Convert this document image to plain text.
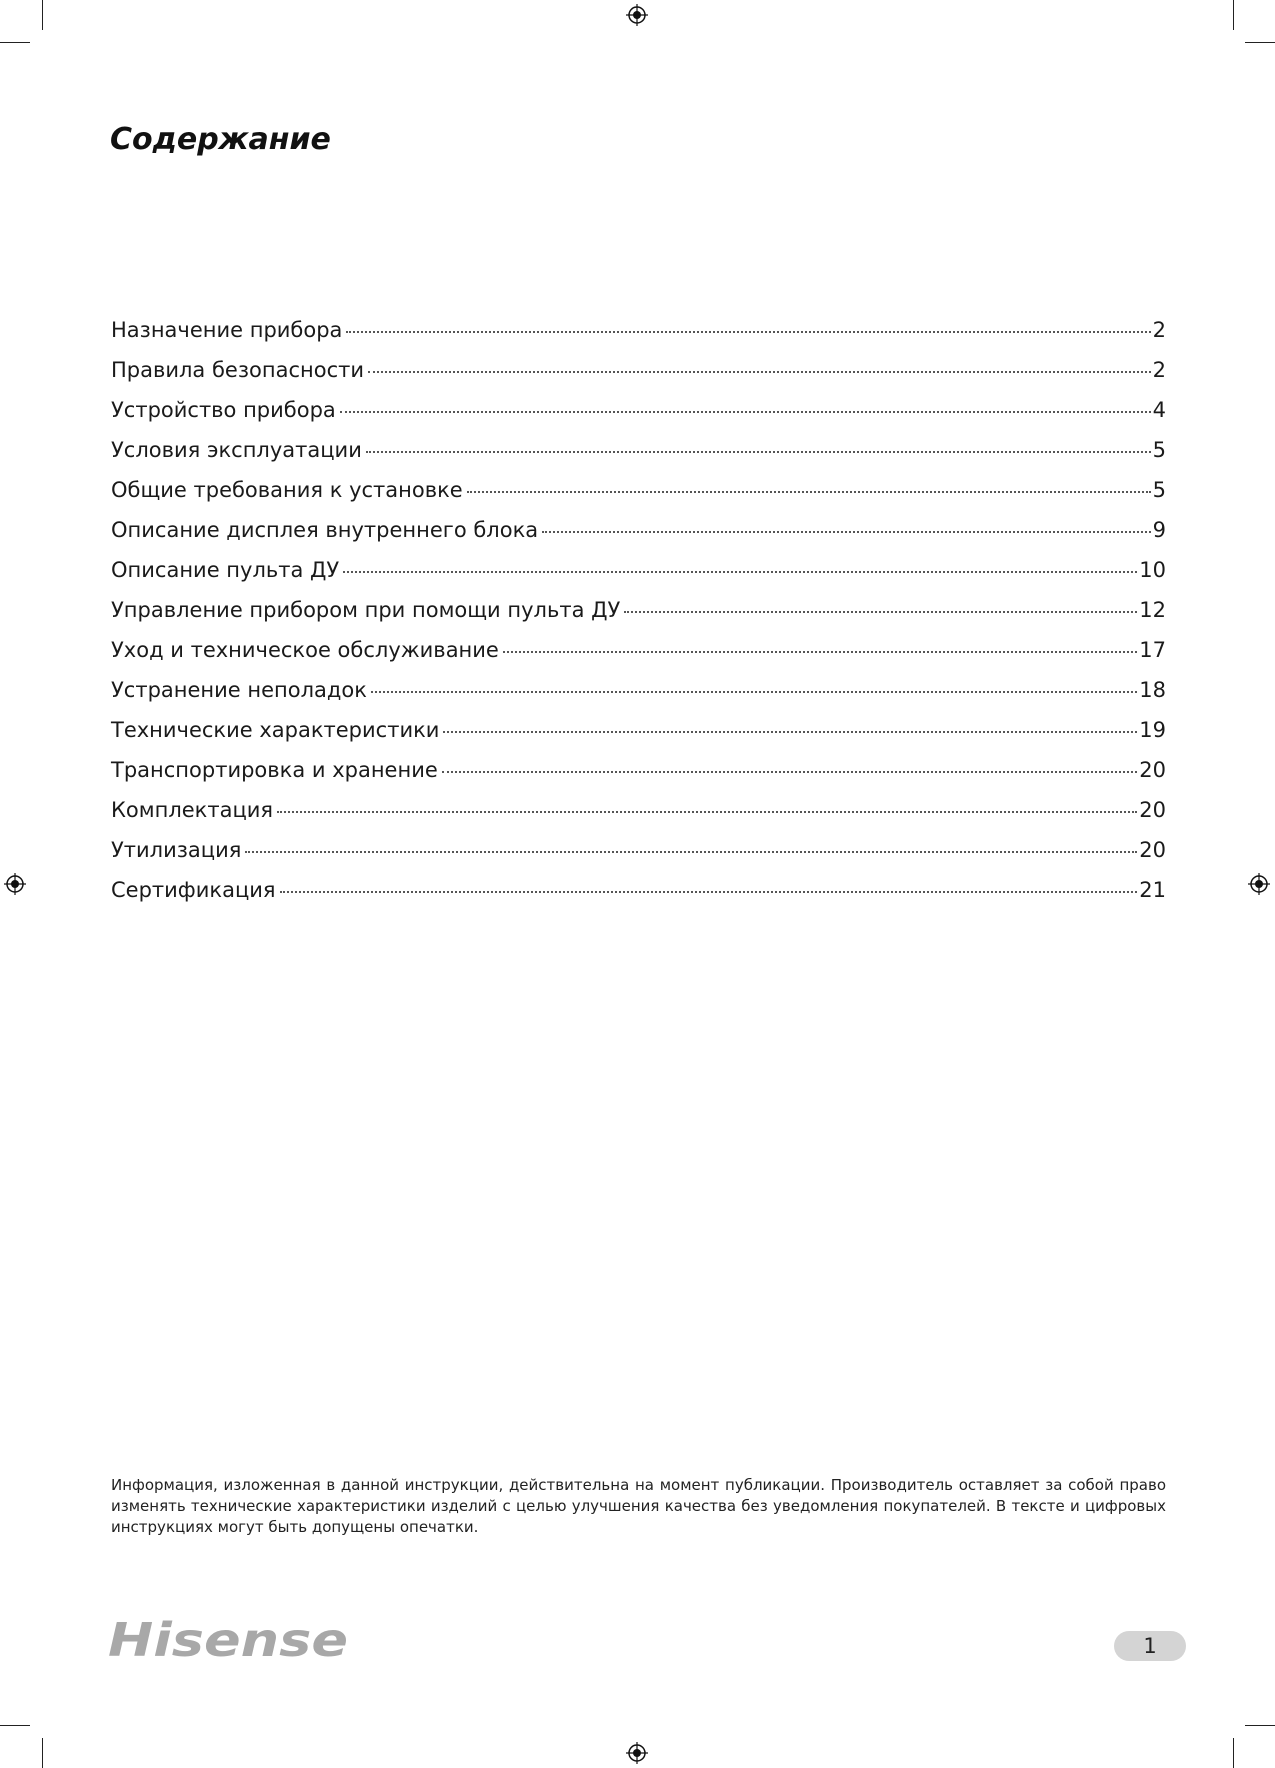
Содержание
Назначение прибора	2
Правила безопасности	2
Устройство прибора	4
Условия эксплуатации	5
Общие требования к установке	5
Описание дисплея внутреннего блока	9
Описание пульта ДУ	10
Управление прибором при помощи пульта ДУ	12
Уход и техническое обслуживание	17
Устранение неполадок	18
Технические характеристики	19
Транспортировка и хранение	20
Комплектация	20
Утилизация	20
Сертификация	21

Информация, изложенная в данной инструкции, действительна на момент публикации. Производитель оставляет за собой право изменять технические характеристики изделий с целью улучшения качества без уведомления покупателей. В тексте и цифровых инструкциях могут быть допущены опечатки.

Hisense	1
